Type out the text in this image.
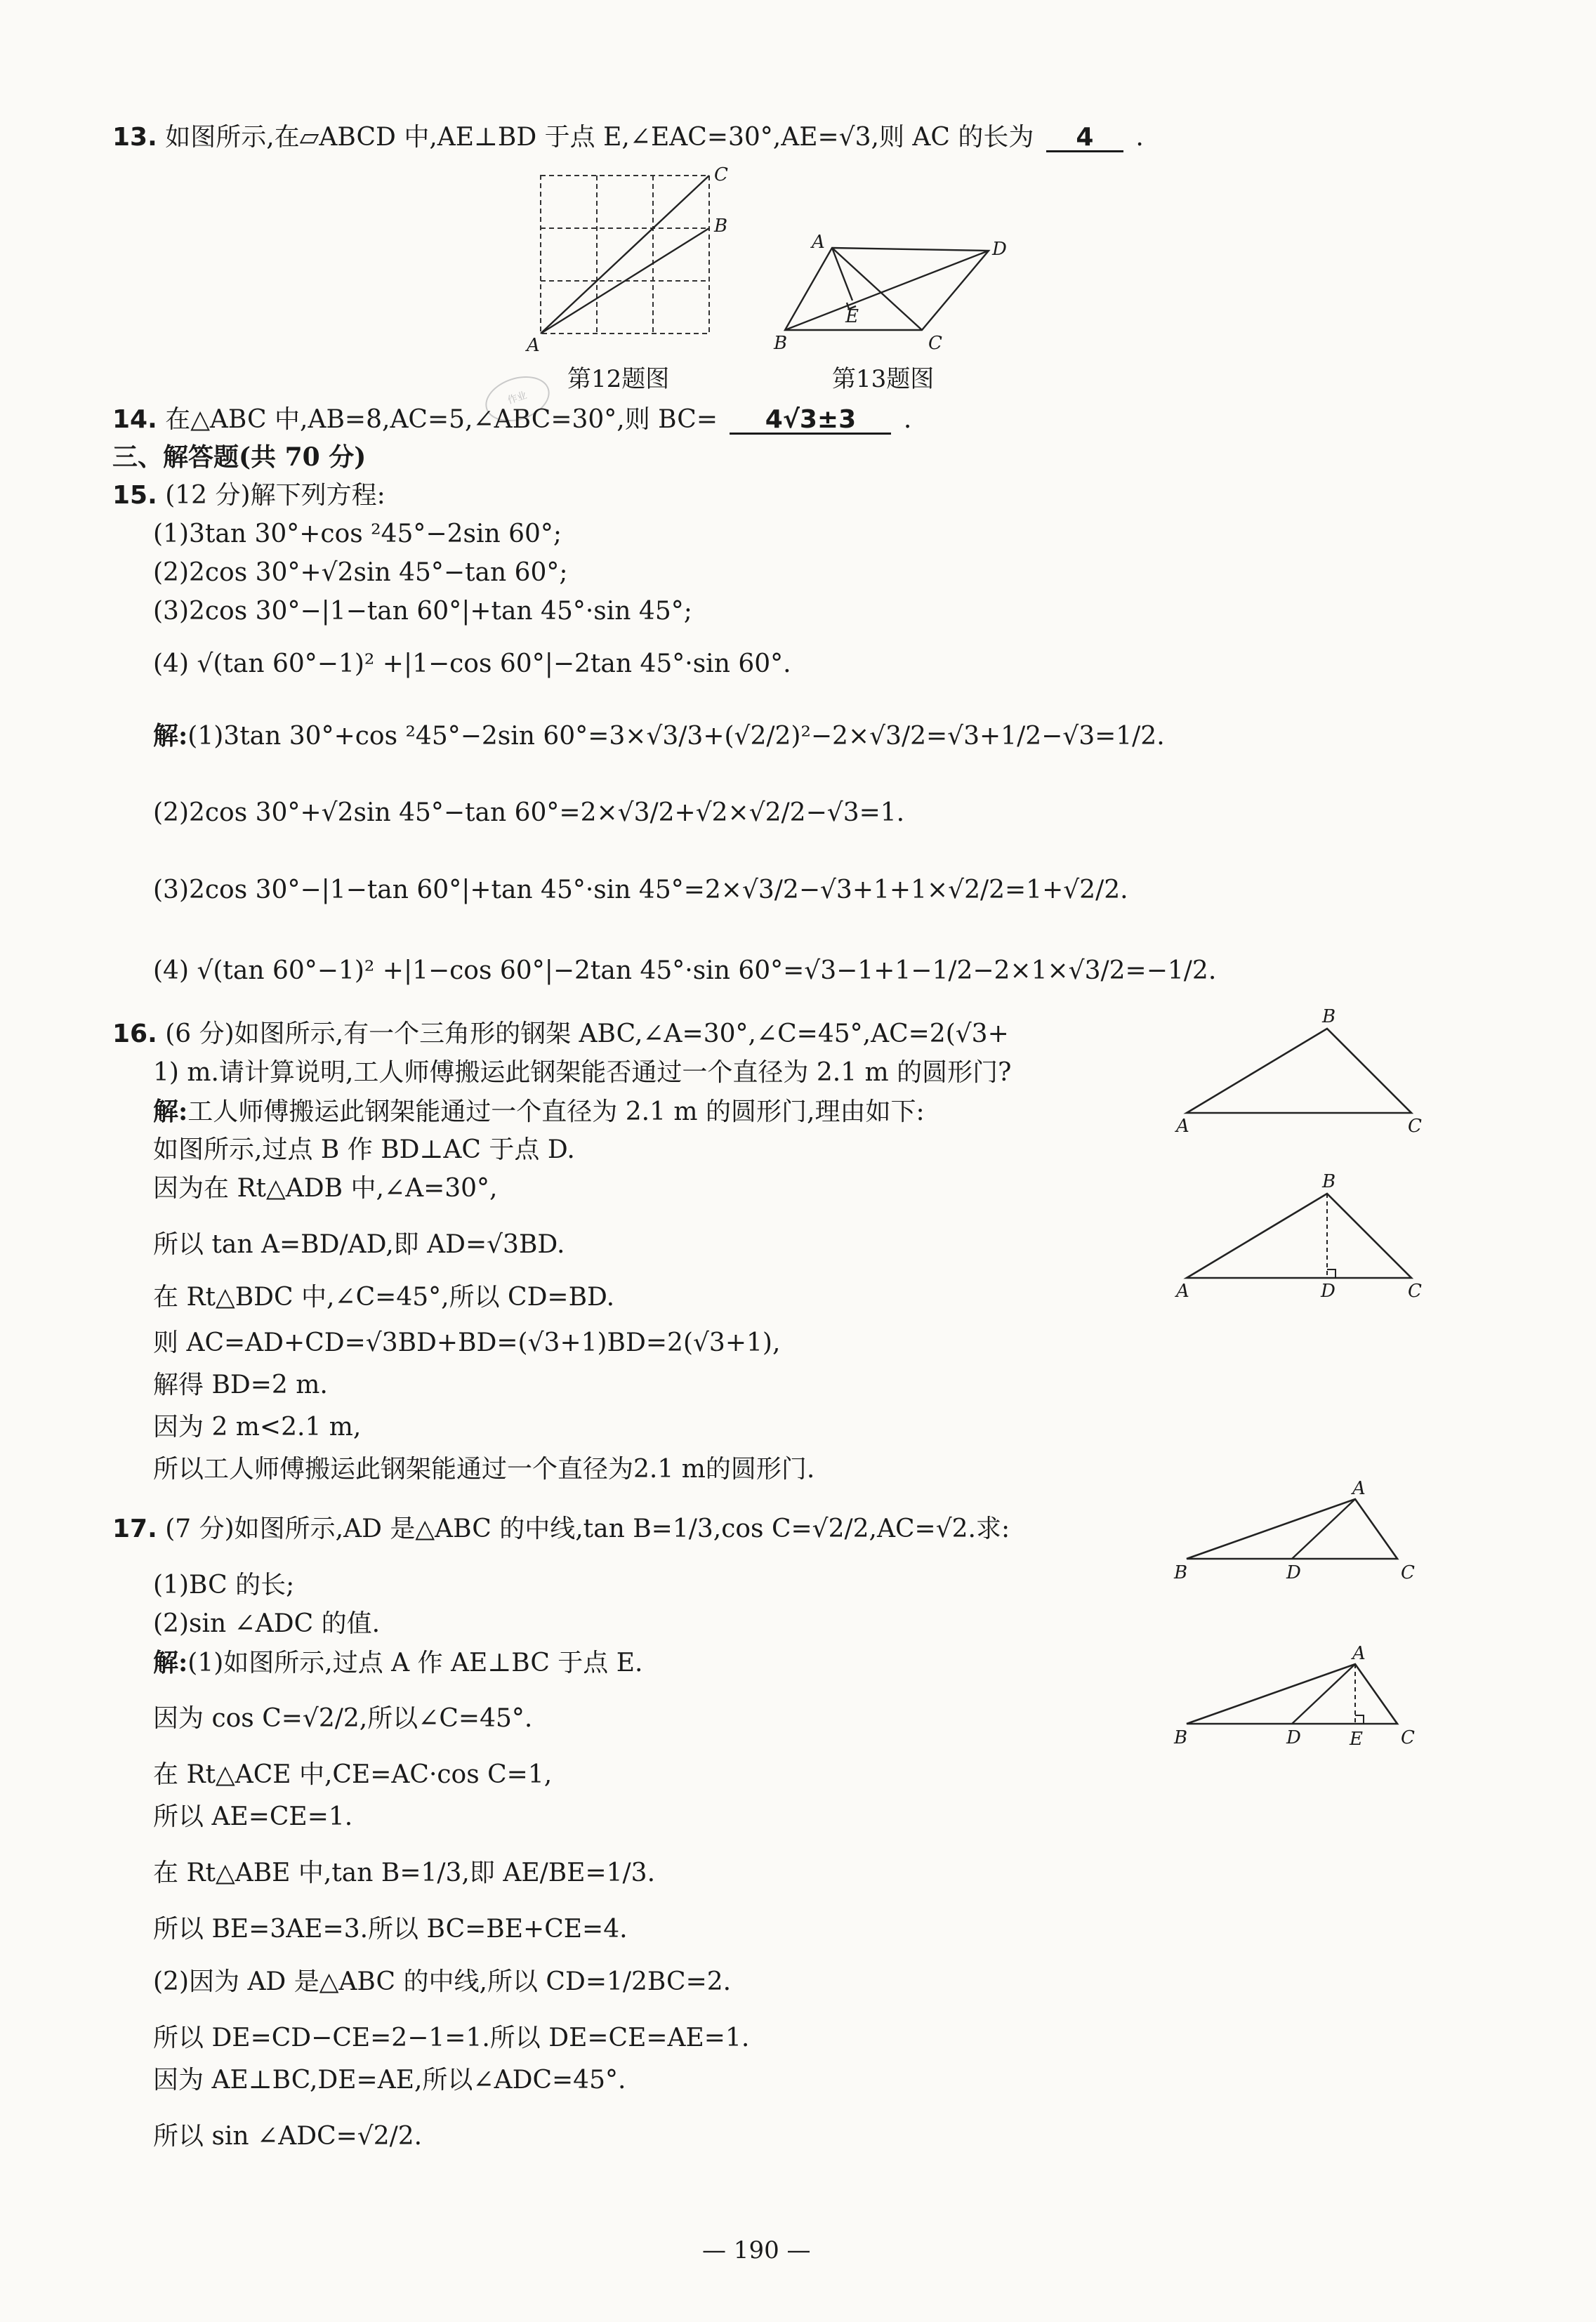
13. 如图所示,在▱ABCD 中,AE⊥BD 于点 E,∠EAC=30°,AE=√3,则 AC 的长为 4 .
A
B
C
第12题图
A
B	C
D
E
第13题图
作业
14. 在△ABC 中,AB=8,AC=5,∠ABC=30°,则 BC= 4√3±3 .
三、解答题(共 70 分)
15. (12 分)解下列方程:
(1)3tan 30°+cos ²45°−2sin 60°;
(2)2cos 30°+√2sin 45°−tan 60°;
(3)2cos 30°−|1−tan 60°|+tan 45°·sin 45°;
(4) √(tan 60°−1)² +|1−cos 60°|−2tan 45°·sin 60°.
解:(1)3tan 30°+cos ²45°−2sin 60°=3×√3/3+(√2/2)²−2×√3/2=√3+1/2−√3=1/2.
(2)2cos 30°+√2sin 45°−tan 60°=2×√3/2+√2×√2/2−√3=1.
(3)2cos 30°−|1−tan 60°|+tan 45°·sin 45°=2×√3/2−√3+1+1×√2/2=1+√2/2.
(4) √(tan 60°−1)² +|1−cos 60°|−2tan 45°·sin 60°=√3−1+1−1/2−2×1×√3/2=−1/2.
16. (6 分)如图所示,有一个三角形的钢架 ABC,∠A=30°,∠C=45°,AC=2(√3+
1) m.请计算说明,工人师傅搬运此钢架能否通过一个直径为 2.1 m 的圆形门?
解:工人师傅搬运此钢架能通过一个直径为 2.1 m 的圆形门,理由如下:
如图所示,过点 B 作 BD⊥AC 于点 D.
因为在 Rt△ADB 中,∠A=30°,
所以 tan A=BD/AD,即 AD=√3BD.
在 Rt△BDC 中,∠C=45°,所以 CD=BD.
则 AC=AD+CD=√3BD+BD=(√3+1)BD=2(√3+1),
解得 BD=2 m.
因为 2 m<2.1 m,
所以工人师傅搬运此钢架能通过一个直径为2.1 m的圆形门.
A
B
C
A
B
C
D
17. (7 分)如图所示,AD 是△ABC 的中线,tan B=1/3,cos C=√2/2,AC=√2.求:
(1)BC 的长;
(2)sin ∠ADC 的值.
解:(1)如图所示,过点 A 作 AE⊥BC 于点 E.
因为 cos C=√2/2,所以∠C=45°.
在 Rt△ACE 中,CE=AC·cos C=1,
所以 AE=CE=1.
在 Rt△ABE 中,tan B=1/3,即 AE/BE=1/3.
所以 BE=3AE=3.所以 BC=BE+CE=4.
(2)因为 AD 是△ABC 的中线,所以 CD=1/2BC=2.
所以 DE=CD−CE=2−1=1.所以 DE=CE=AE=1.
因为 AE⊥BC,DE=AE,所以∠ADC=45°.
所以 sin ∠ADC=√2/2.
A
B	C
D
A
B	C
D	E
— 190 —
